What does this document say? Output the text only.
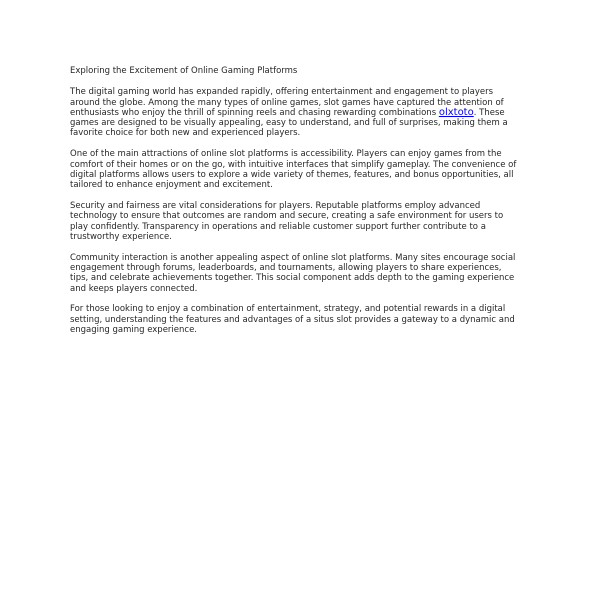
Exploring the Excitement of Online Gaming Platforms

The digital gaming world has expanded rapidly, offering entertainment and engagement to players around the globe. Among the many types of online games, slot games have captured the attention of enthusiasts who enjoy the thrill of spinning reels and chasing rewarding combinations olxtoto. These games are designed to be visually appealing, easy to understand, and full of surprises, making them a favorite choice for both new and experienced players.

One of the main attractions of online slot platforms is accessibility. Players can enjoy games from the comfort of their homes or on the go, with intuitive interfaces that simplify gameplay. The convenience of digital platforms allows users to explore a wide variety of themes, features, and bonus opportunities, all tailored to enhance enjoyment and excitement.

Security and fairness are vital considerations for players. Reputable platforms employ advanced technology to ensure that outcomes are random and secure, creating a safe environment for users to play confidently. Transparency in operations and reliable customer support further contribute to a trustworthy experience.

Community interaction is another appealing aspect of online slot platforms. Many sites encourage social engagement through forums, leaderboards, and tournaments, allowing players to share experiences, tips, and celebrate achievements together. This social component adds depth to the gaming experience and keeps players connected.

For those looking to enjoy a combination of entertainment, strategy, and potential rewards in a digital setting, understanding the features and advantages of a situs slot provides a gateway to a dynamic and engaging gaming experience.
